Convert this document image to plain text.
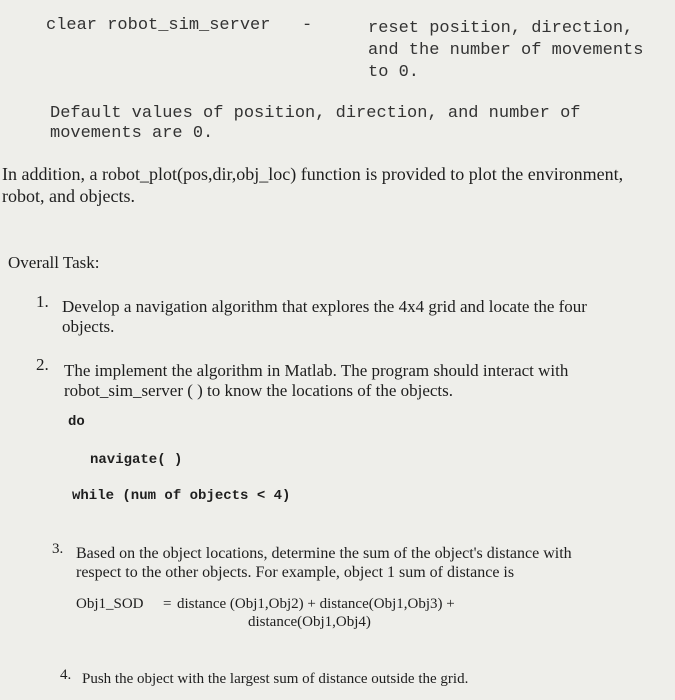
clear robot_sim_server -	reset position, direction,
and the number of movements
to 0.
Default values of position, direction, and number of
movements are 0.
In addition, a robot_plot(pos,dir,obj_loc) function is provided to plot the environment,
robot, and objects.
Overall Task:
1. Develop a navigation algorithm that explores the 4x4 grid and locate the four
objects.
2. The implement the algorithm in Matlab. The program should interact with
robot_sim_server ( ) to know the locations of the objects.
do
navigate( )
while (num of objects < 4)
3. Based on the object locations, determine the sum of the object's distance with
respect to the other objects. For example, object 1 sum of distance is
Obj1_SOD = distance (Obj1,Obj2) + distance(Obj1,Obj3) +
distance(Obj1,Obj4)
4. Push the object with the largest sum of distance outside the grid.
